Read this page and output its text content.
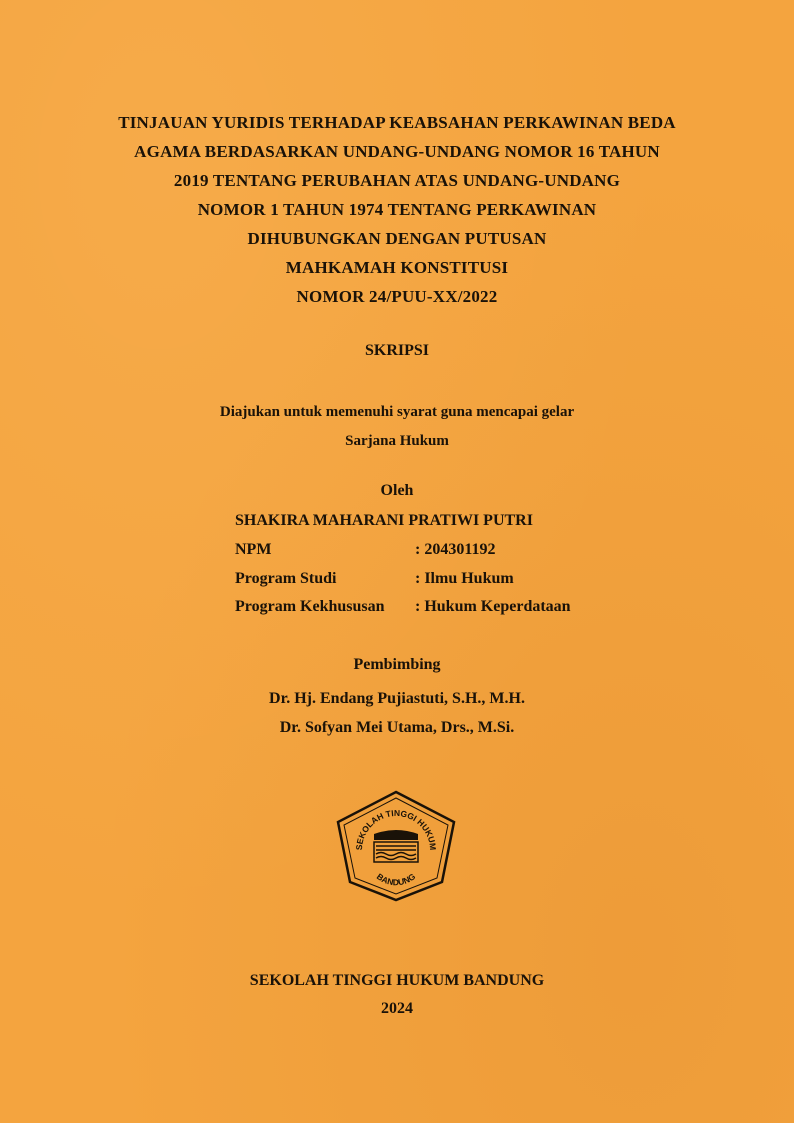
TINJAUAN YURIDIS TERHADAP KEABSAHAN PERKAWINAN BEDA
AGAMA BERDASARKAN UNDANG-UNDANG NOMOR 16 TAHUN
2019 TENTANG PERUBAHAN ATAS UNDANG-UNDANG
NOMOR 1 TAHUN 1974 TENTANG PERKAWINAN
DIHUBUNGKAN DENGAN PUTUSAN
MAHKAMAH KONSTITUSI
NOMOR 24/PUU-XX/2022
SKRIPSI
Diajukan untuk memenuhi syarat guna mencapai gelar
Sarjana Hukum
Oleh
SHAKIRA MAHARANI PRATIWI PUTRI
NPM	: 204301192
Program Studi	: Ilmu Hukum
Program Kekhususan : Hukum Keperdataan
Pembimbing
Dr. Hj. Endang Pujiastuti, S.H., M.H.
Dr. Sofyan Mei Utama, Drs., M.Si.
SEKOLAH TINGGI HUKUM
BANDUNG
SEKOLAH TINGGI HUKUM BANDUNG
2024
